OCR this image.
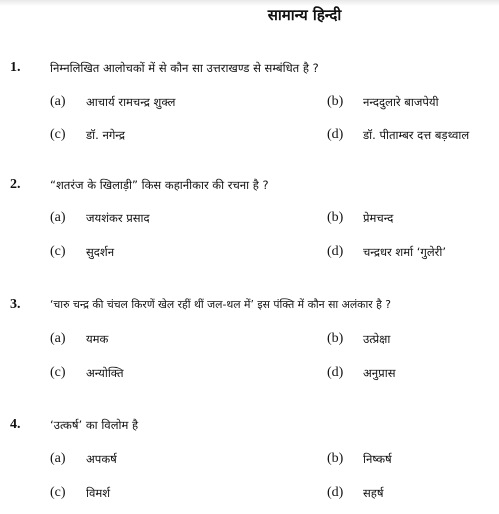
सामान्य हिन्दी
1.	निम्नलिखित आलोचकों में से कौन सा उत्तराखण्ड से सम्बंधित है ?
(a) आचार्य रामचन्द्र शुक्ल	(b) नन्ददुलारे बाजपेयी
(c) डॉ. नगेन्द्र	(d) डॉ. पीताम्बर दत्त बड़थ्वाल
2.	“शतरंज के खिलाड़ी” किस कहानीकार की रचना है ?
(a) जयशंकर प्रसाद	(b) प्रेमचन्द
(c) सुदर्शन	(d) चन्द्रधर शर्मा ‘गुलेरी’
3.	‘चारु चन्द्र की चंचल किरणें खेल रहीं थीं जल-थल में’ इस पंक्ति में कौन सा अलंकार है ?
(a) यमक	(b) उत्प्रेक्षा
(c) अन्योक्ति	(d) अनुप्रास
4.	‘उत्कर्ष’ का विलोम है
(a) अपकर्ष	(b) निष्कर्ष
(c) विमर्श	(d) सहर्ष
